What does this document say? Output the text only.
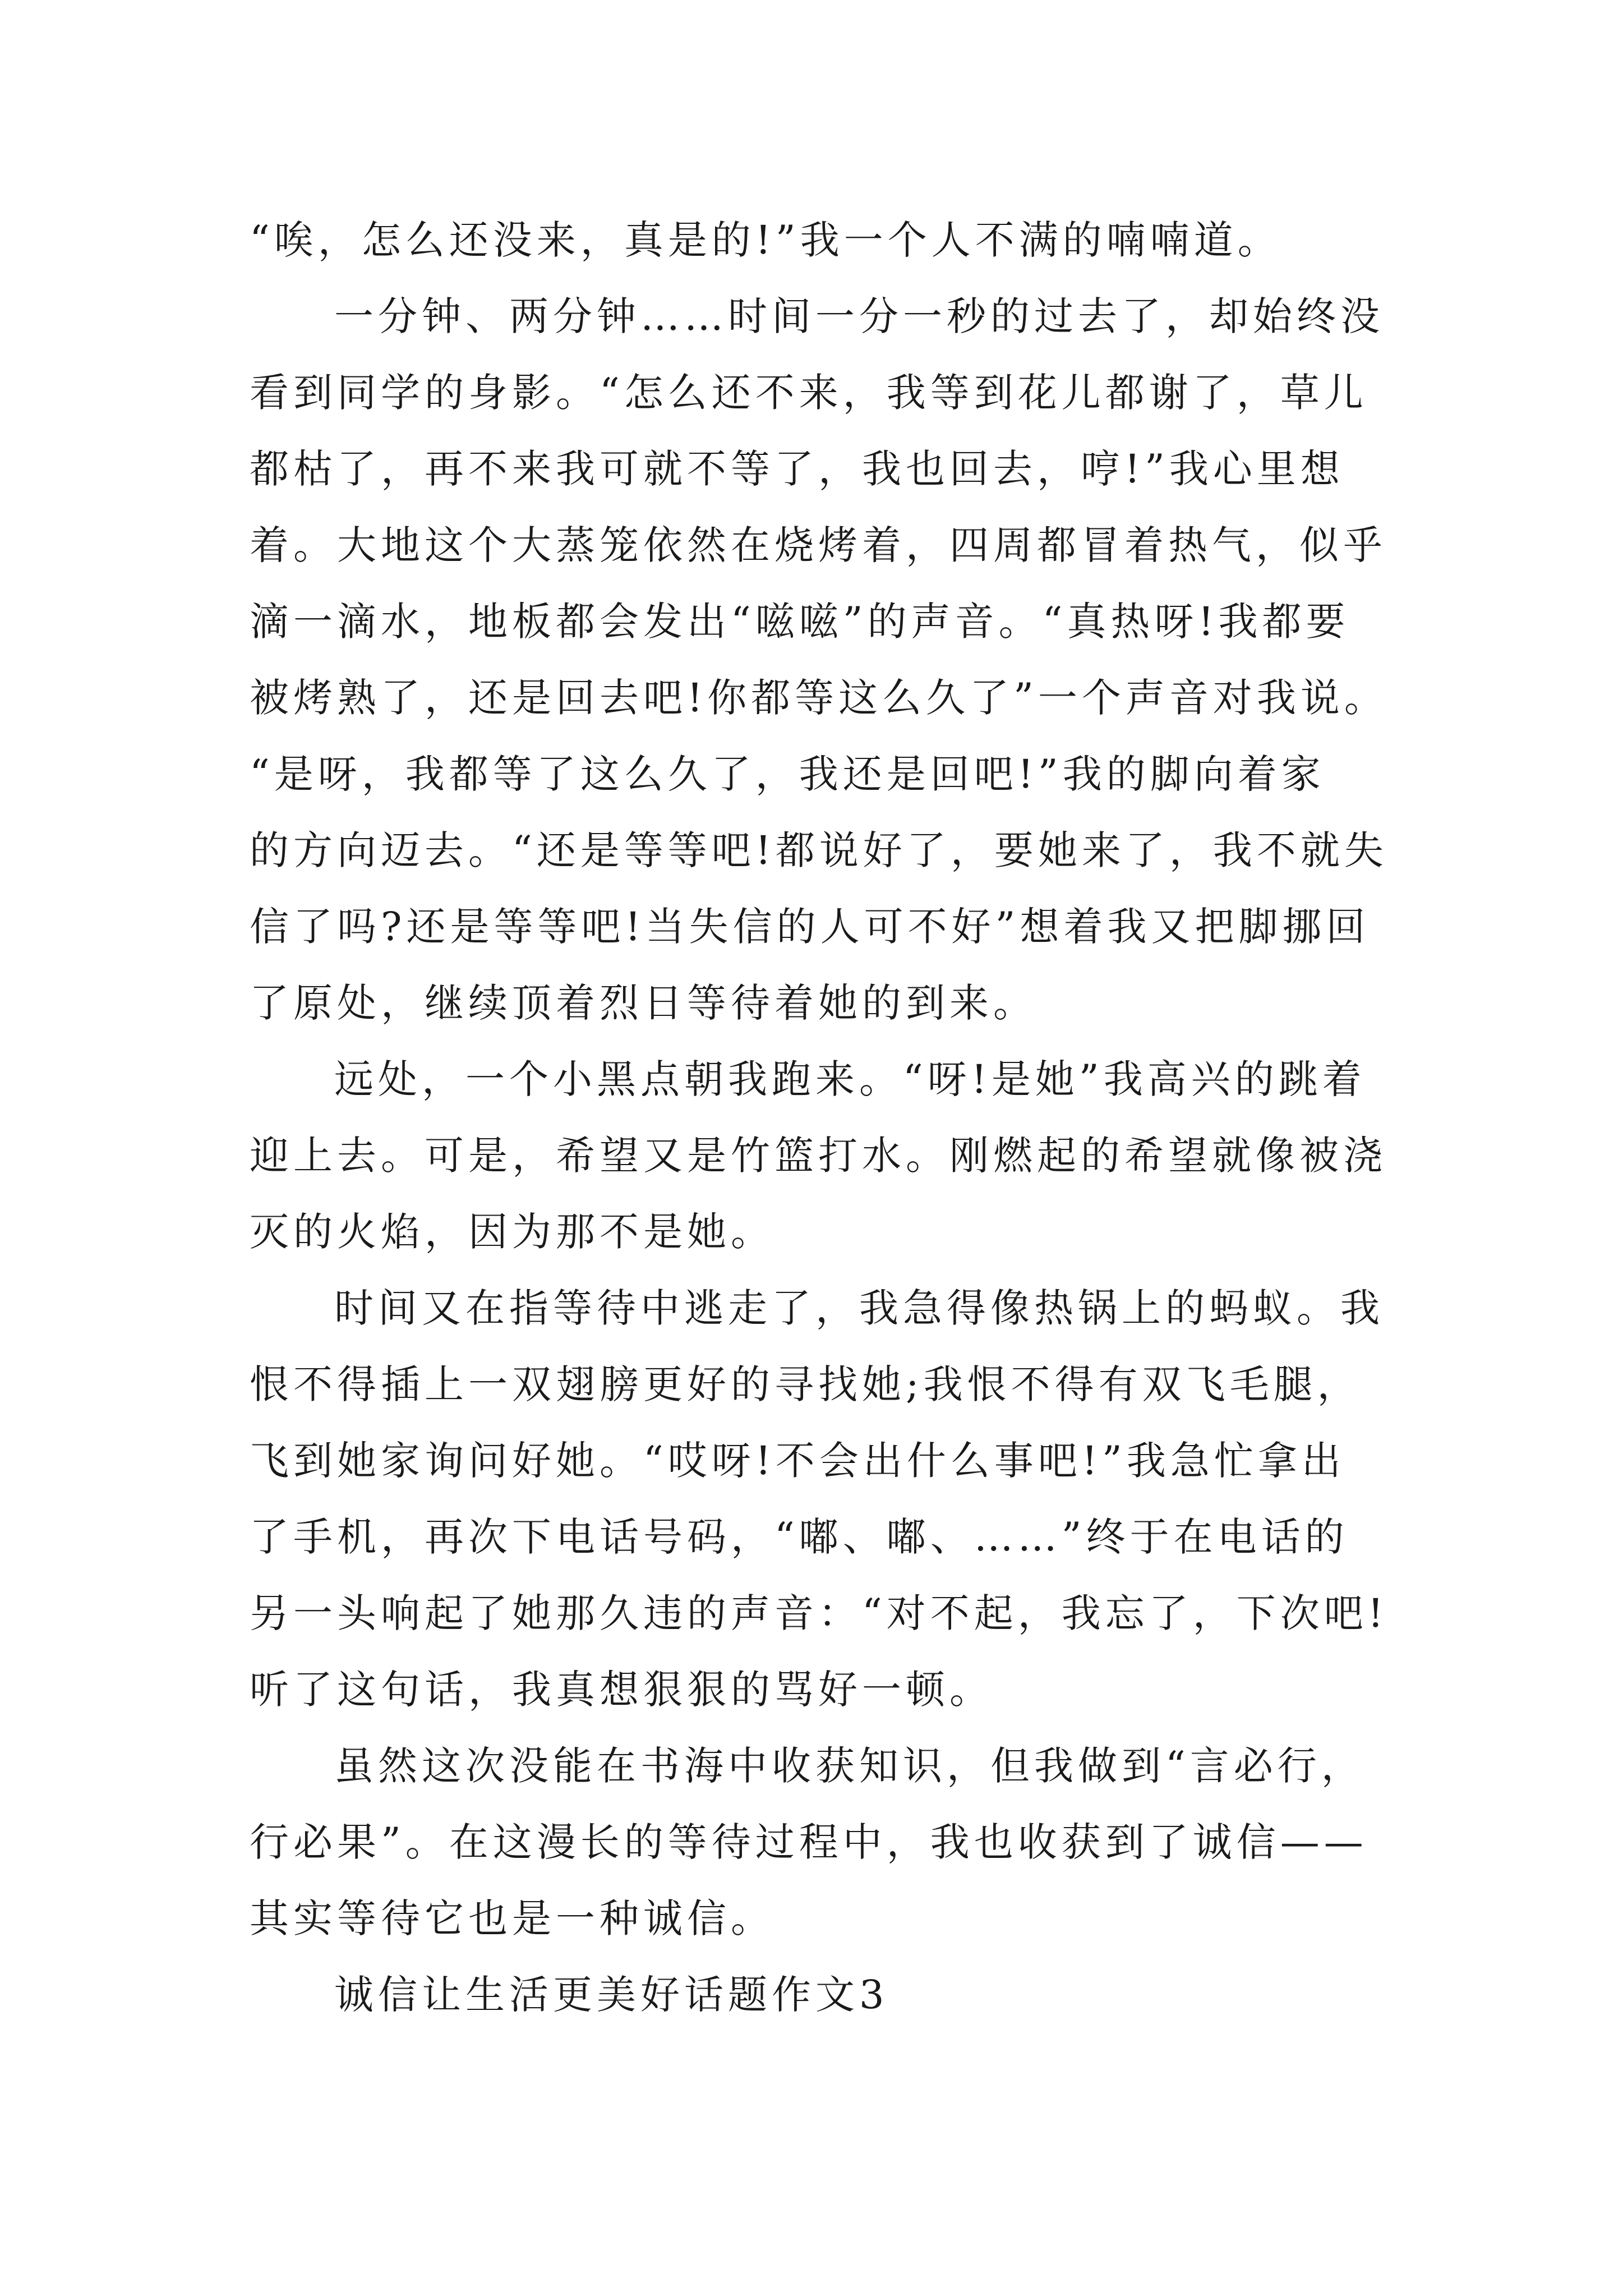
“唉，怎么还没来，真是的!”我一个人不满的喃喃道。
一分钟、两分钟……时间一分一秒的过去了，却始终没
看到同学的身影。“怎么还不来，我等到花儿都谢了，草儿
都枯了，再不来我可就不等了，我也回去，哼!”我心里想
着。大地这个大蒸笼依然在烧烤着，四周都冒着热气，似乎
滴一滴水，地板都会发出“嗞嗞”的声音。“真热呀!我都要
被烤熟了，还是回去吧!你都等这么久了”一个声音对我说。
“是呀，我都等了这么久了，我还是回吧!”我的脚向着家
的方向迈去。“还是等等吧!都说好了，要她来了，我不就失
信了吗?还是等等吧!当失信的人可不好”想着我又把脚挪回
了原处，继续顶着烈日等待着她的到来。
远处，一个小黑点朝我跑来。“呀!是她”我高兴的跳着
迎上去。可是，希望又是竹篮打水。刚燃起的希望就像被浇
灭的火焰，因为那不是她。
时间又在指等待中逃走了，我急得像热锅上的蚂蚁。我
恨不得插上一双翅膀更好的寻找她;我恨不得有双飞毛腿，
飞到她家询问好她。“哎呀!不会出什么事吧!”我急忙拿出
了手机，再次下电话号码，“嘟、嘟、……”终于在电话的
另一头响起了她那久违的声音：“对不起，我忘了，下次吧!
听了这句话，我真想狠狠的骂好一顿。
虽然这次没能在书海中收获知识，但我做到“言必行，
行必果”。在这漫长的等待过程中，我也收获到了诚信——
其实等待它也是一种诚信。
诚信让生活更美好话题作文3
